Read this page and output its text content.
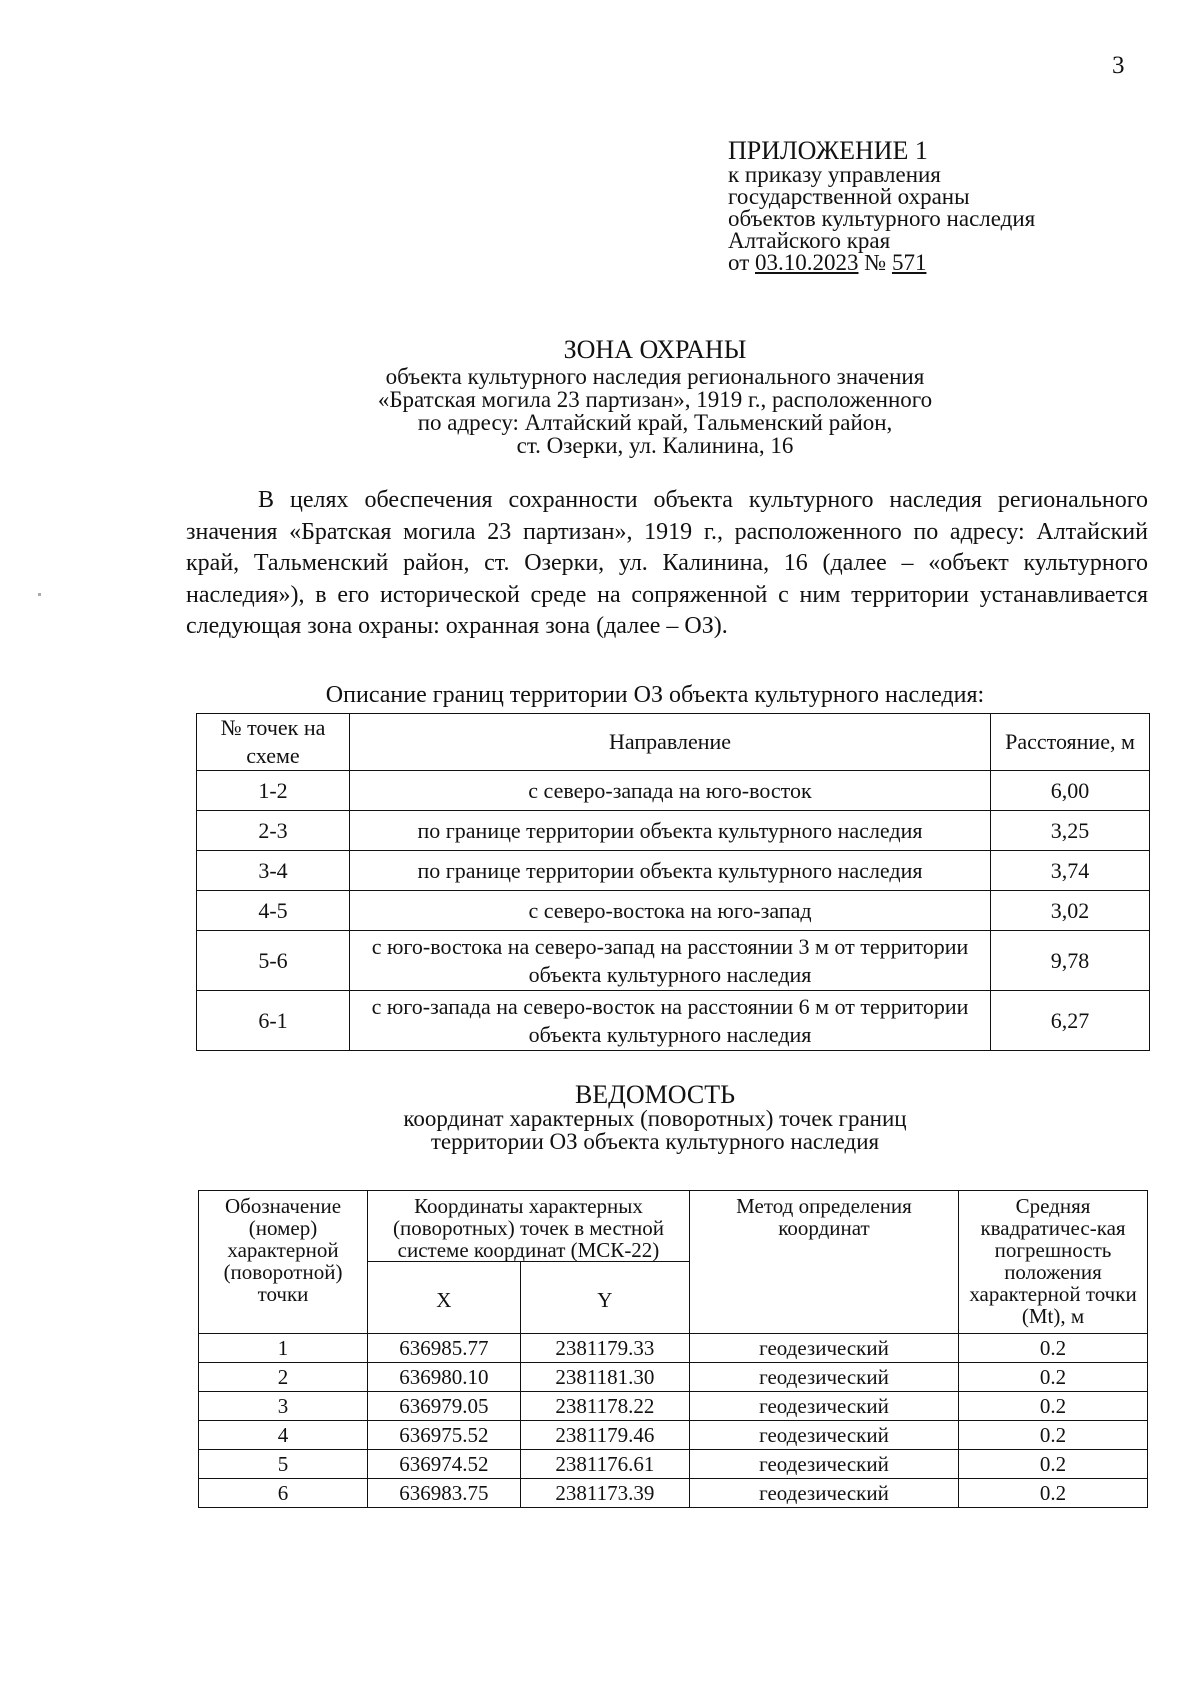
3
ПРИЛОЖЕНИЕ 1
к приказу управления
государственной охраны
объектов культурного наследия
Алтайского края
от 03.10.2023 № 571
ЗОНА ОХРАНЫ
объекта культурного наследия регионального значения
«Братская могила 23 партизан», 1919 г., расположенного
по адресу: Алтайский край, Тальменский район,
ст. Озерки, ул. Калинина, 16

В целях обеспечения сохранности объекта культурного наследия регионального значения «Братская могила 23 партизан», 1919 г., расположенного по адресу: Алтайский край, Тальменский район, ст. Озерки, ул. Калинина, 16 (далее – «объект культурного наследия»), в его исторической среде на сопряженной с ним территории устанавливается следующая зона охраны: охранная зона (далее – ОЗ).

Описание границ территории ОЗ объекта культурного наследия:
№ точек на схеме	Направление	Расстояние, м
1-2	с северо-запада на юго-восток	6,00
2-3	по границе территории объекта культурного наследия	3,25
3-4	по границе территории объекта культурного наследия	3,74
4-5	с северо-востока на юго-запад	3,02
5-6	с юго-востока на северо-запад на расстоянии 3 м от территории объекта культурного наследия	9,78
6-1	с юго-запада на северо-восток на расстоянии 6 м от территории объекта культурного наследия	6,27
ВЕДОМОСТЬ
координат характерных (поворотных) точек границ
территории ОЗ объекта культурного наследия
Обозначение (номер) характерной (поворотной) точки	Координаты характерных (поворотных) точек в местной системе координат (МСК-22)		Метод определения координат	Средняя квадратичес-кая погрешность положения характерной точки (Mt), м
	X	Y		
1	636985.77	2381179.33	геодезический	0.2
2	636980.10	2381181.30	геодезический	0.2
3	636979.05	2381178.22	геодезический	0.2
4	636975.52	2381179.46	геодезический	0.2
5	636974.52	2381176.61	геодезический	0.2
6	636983.75	2381173.39	геодезический	0.2
